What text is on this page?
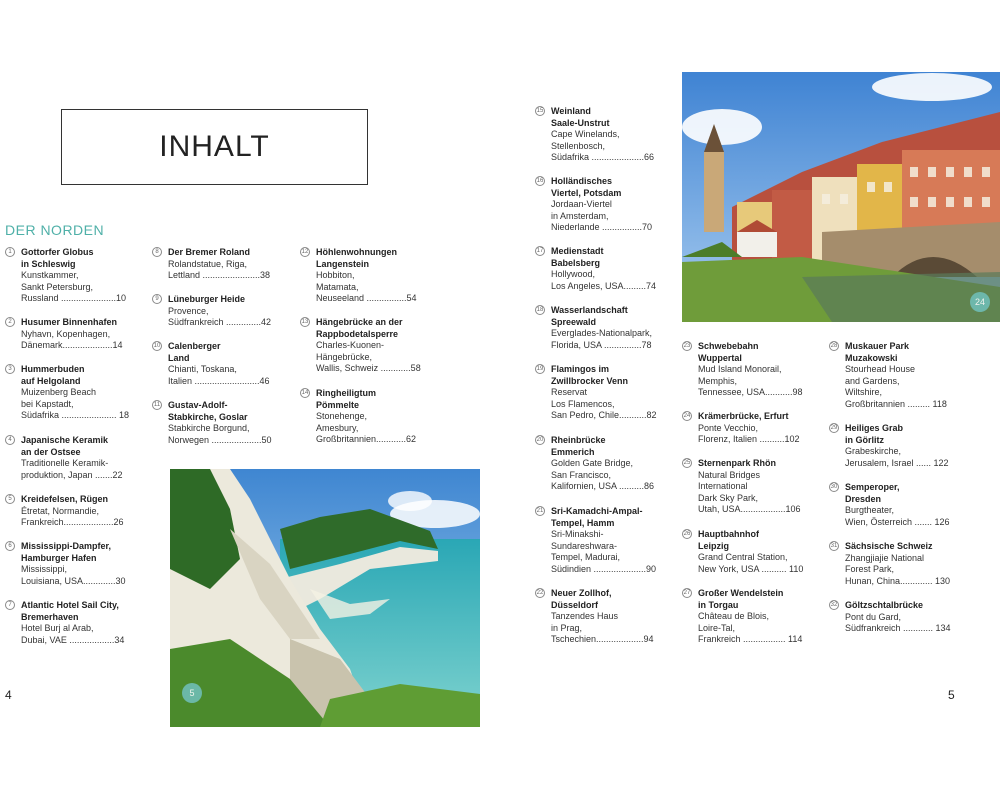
INHALT
DER NORDEN
1	Gottorfer Globus
in Schleswig
Kunstkammer,
Sankt Petersburg,
Russland ......................10
2	Husumer Binnenhafen
Nyhavn, Kopenhagen,
Dänemark....................14
3	Hummerbuden
auf Helgoland
Muizenberg Beach
bei Kapstadt,
Südafrika ...................... 18
4	Japanische Keramik
an der Ostsee
Traditionelle Keramik-
produktion, Japan .......22
5	Kreidefelsen, Rügen
Étretat, Normandie,
Frankreich....................26
6	Mississippi-Dampfer,
Hamburger Hafen
Mississippi,
Louisiana, USA.............30
7	Atlantic Hotel Sail City,
Bremerhaven
Hotel Burj al Arab,
Dubai, VAE ..................34
8	Der Bremer Roland
Rolandstatue, Riga,
Lettland .......................38
9	Lüneburger Heide
Provence,
Südfrankreich ..............42
10 Calenberger
Land
Chianti, Toskana,
Italien ..........................46
11 Gustav-Adolf-
Stabkirche, Goslar
Stabkirche Borgund,
Norwegen ....................50
12 Höhlenwohnungen
Langenstein
Hobbiton,
Matamata,
Neuseeland ................54
13 Hängebrücke an der
Rappbodetalsperre
Charles-Kuonen-
Hängebrücke,
Wallis, Schweiz ............58
14 Ringheiligtum
Pömmelte
Stonehenge,
Amesbury,
Großbritannien............62
15 Weinland
Saale-Unstrut
Cape Winelands,
Stellenbosch,
Südafrika .....................66
16 Holländisches
Viertel, Potsdam
Jordaan-Viertel
in Amsterdam,
Niederlande ................70
17 Medienstadt
Babelsberg
Hollywood,
Los Angeles, USA.........74
18 Wasserlandschaft
Spreewald
Everglades-Nationalpark,
Florida, USA ...............78
19 Flamingos im
Zwillbrocker Venn
Reservat
Los Flamencos,
San Pedro, Chile...........82
20 Rheinbrücke
Emmerich
Golden Gate Bridge,
San Francisco,
Kalifornien, USA ..........86
21 Sri-Kamadchi-Ampal-
Tempel, Hamm
Sri-Minakshi-
Sundareshwara-
Tempel, Madurai,
Südindien .....................90
22 Neuer Zollhof,
Düsseldorf
Tanzendes Haus
in Prag,
Tschechien...................94
23 Schwebebahn
Wuppertal
Mud Island Monorail,
Memphis,
Tennessee, USA...........98
24 Krämerbrücke, Erfurt
Ponte Vecchio,
Florenz, Italien ..........102
25 Sternenpark Rhön
Natural Bridges
International
Dark Sky Park,
Utah, USA..................106
26 Hauptbahnhof
Leipzig
Grand Central Station,
New York, USA .......... 110
27 Großer Wendelstein
in Torgau
Château de Blois,
Loire-Tal,
Frankreich ................. 114
28 Muskauer Park
Muzakowski
Stourhead House
and Gardens,
Wiltshire,
Großbritannien ......... 118
29 Heiliges Grab
in Görlitz
Grabeskirche,
Jerusalem, Israel ...... 122
30 Semperoper,
Dresden
Burgtheater,
Wien, Österreich ....... 126
31 Sächsische Schweiz
Zhangjiajie National
Forest Park,
Hunan, China............. 130
32 Göltzschtalbrücke
Pont du Gard,
Südfrankreich ............ 134
5
24
4	5
